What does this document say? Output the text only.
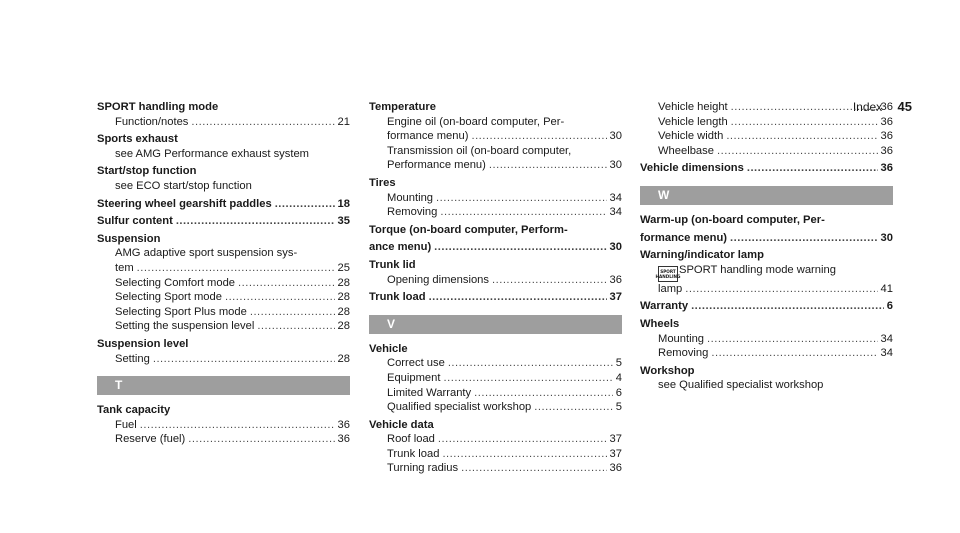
Index 45
SPORT handling mode
Function/notes .....	21
Sports exhaust
see AMG Performance exhaust system
Start/stop function
see ECO start/stop function
Steering wheel gearshift paddles .....	18
Sulfur content .....	35
Suspension
AMG adaptive sport suspension sys-
tem .....	25
Selecting Comfort mode .....	28
Selecting Sport mode .....	28
Selecting Sport Plus mode .....	28
Setting the suspension level .....	28
Suspension level
Setting .....	28
T
Tank capacity
Fuel .....	36
Reserve (fuel) .....	36
Temperature
Engine oil (on-board computer, Per-
formance menu) .....	30
Transmission oil (on-board computer,
Performance menu) .....	30
Tires
Mounting .....	34
Removing .....	34
Torque (on-board computer, Perform-
ance menu) .....	30
Trunk lid
Opening dimensions .....	36
Trunk load .....	37
V
Vehicle
Correct use .....	5
Equipment .....	4
Limited Warranty .....	6
Qualified specialist workshop .....	5
Vehicle data
Roof load .....	37
Trunk load .....	37
Turning radius .....	36
Vehicle height .....	36
Vehicle length .....	36
Vehicle width .....	36
Wheelbase .....	36
Vehicle dimensions .....	36
W
Warm-up (on-board computer, Per-
formance menu) .....	30
Warning/indicator lamp
SPORT
HANDLING
SPORT handling mode warning
lamp .....	41
Warranty .....	6
Wheels
Mounting .....	34
Removing .....	34
Workshop
see Qualified specialist workshop
